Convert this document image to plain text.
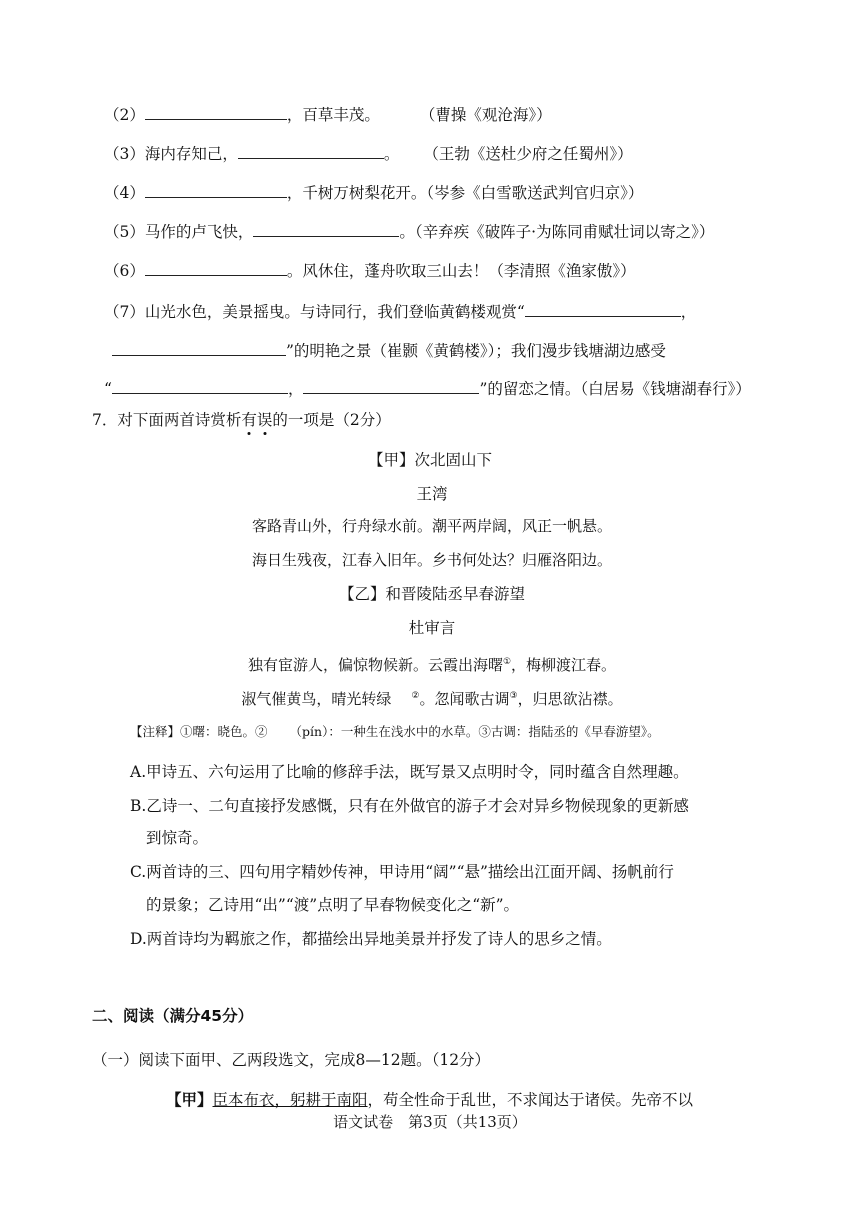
（2）	，百草丰茂。	（曹操《观沧海》）
（3）海内存知己，	。 （王勃《送杜少府之任蜀州》）
（4）	，千树万树梨花开。（岑参《白雪歌送武判官归京》）
（5）马作的卢飞快，	。（辛弃疾《破阵子·为陈同甫赋壮词以寄之》）
（6）	。风休住，蓬舟吹取三山去！（李清照《渔家傲》）
（7）山光水色，美景摇曳。与诗同行，我们登临黄鹤楼观赏“	，
”的明艳之景（崔颢《黄鹤楼》）；我们漫步钱塘湖边感受
“	，	”的留恋之情。（白居易《钱塘湖春行》）
7．对下面两首诗赏析有
误
的一项是（2分）
【甲】次北固山下
王湾
客路青山外，行舟绿水前。潮平两岸阔，风正一帆悬。
海日生残夜，江春入旧年。乡书何处达？归雁洛阳边。
【乙】和晋陵陆丞早春游望
杜审言
独有宦游人，偏惊物候新。云霞出海曙①，梅柳渡江春。
淑气催黄鸟，晴光转绿 ②。忽闻歌古调③，归思欲沾襟。
【注释】①曙：晓色。② （pín）：一种生在浅水中的水草。③古调：指陆丞的《早春游望》。
A.甲诗五、六句运用了比喻的修辞手法，既写景又点明时令，同时蕴含自然理趣。
B.乙诗一、二句直接抒发感慨，只有在外做官的游子才会对异乡物候现象的更新感
到惊奇。
C.两首诗的三、四句用字精妙传神，甲诗用“阔”“悬”描绘出江面开阔、扬帆前行
的景象；乙诗用“出”“渡”点明了早春物候变化之“新”。
D.两首诗均为羁旅之作，都描绘出异地美景并抒发了诗人的思乡之情。
二、阅读（满分45分）
（一）阅读下面甲、乙两段选文，完成8—12题。（12分）
【甲】臣本布衣，躬耕于南阳，苟全性命于乱世，不求闻达于诸侯。先帝不以
语文试卷　第3页（共13页）
